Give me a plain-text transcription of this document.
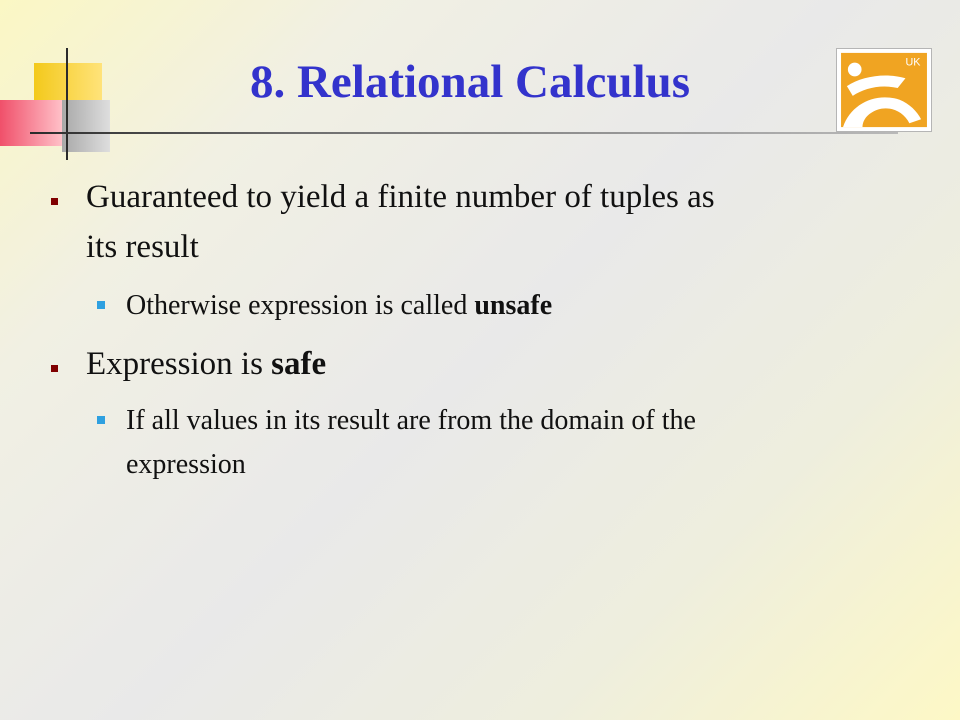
UK
8. Relational Calculus
Guaranteed to yield a finite number of tuples as
its result
Otherwise expression is called unsafe
Expression is safe
If all values in its result are from the domain of the
expression
